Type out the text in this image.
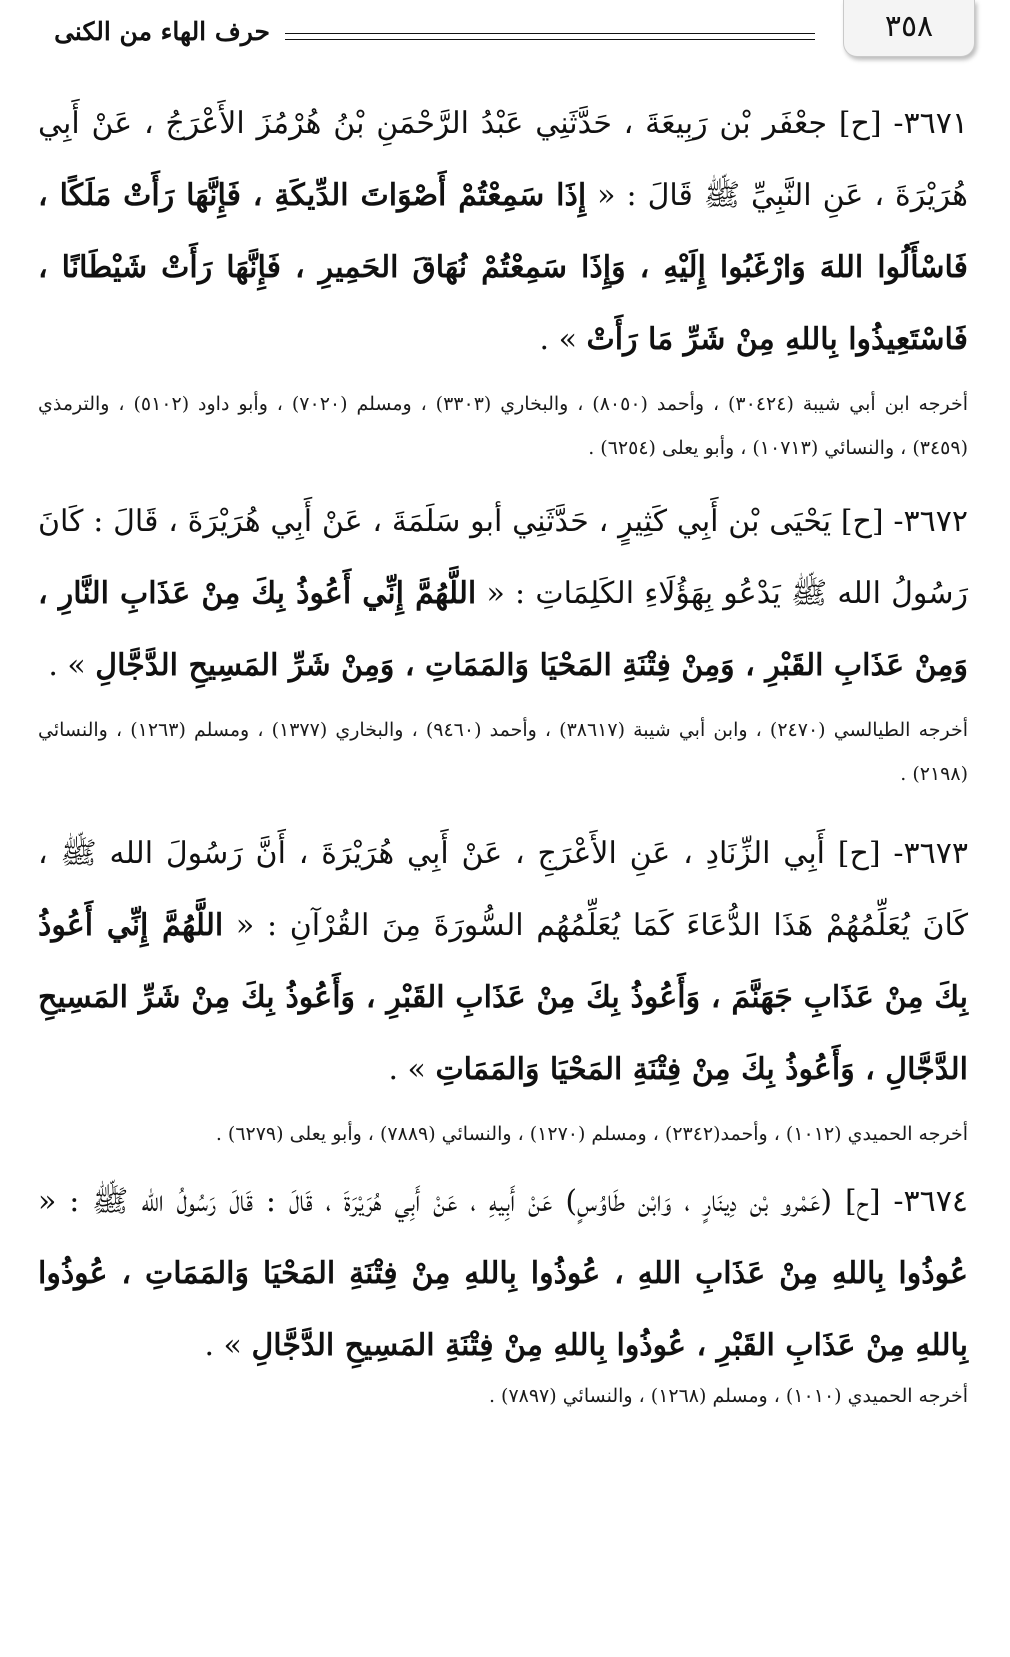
٣٥٨
حرف الهاء من الكنى

٣٦٧١- [ح] جعْفَر بْن رَبِيعَةَ ، حَدَّثَنِي عَبْدُ الرَّحْمَنِ بْنُ هُرْمُزَ الأَعْرَجُ ، عَنْ أَبِي هُرَيْرَةَ ، عَنِ النَّبِيِّ ﷺ قَالَ : « إِذَا سَمِعْتُمْ أَصْوَاتَ الدِّيكَةِ ، فَإِنَّهَا رَأَتْ مَلَكًا ، فَاسْأَلُوا اللهَ وَارْغَبُوا إِلَيْهِ ، وَإِذَا سَمِعْتُمْ نُهَاقَ الحَمِيرِ ، فَإِنَّهَا رَأَتْ شَيْطَانًا ، فَاسْتَعِيذُوا بِاللهِ مِنْ شَرِّ مَا رَأَتْ » .

أخرجه ابن أبي شيبة (٣٠٤٢٤) ، وأحمد (٨٠٥٠) ، والبخاري (٣٣٠٣) ، ومسلم (٧٠٢٠) ، وأبو داود (٥١٠٢) ، والترمذي (٣٤٥٩) ، والنسائي (١٠٧١٣) ، وأبو يعلى (٦٢٥٤) .

٣٦٧٢- [ح] يَحْيَى بْن أَبِي كَثِيرٍ ، حَدَّثَنِي أبو سَلَمَةَ ، عَنْ أَبِي هُرَيْرَةَ ، قَالَ : كَانَ رَسُولُ الله ﷺ يَدْعُو بِهَؤُلَاءِ الكَلِمَاتِ : « اللَّهُمَّ إِنِّي أَعُوذُ بِكَ مِنْ عَذَابِ النَّارِ ، وَمِنْ عَذَابِ القَبْرِ ، وَمِنْ فِتْنَةِ المَحْيَا وَالمَمَاتِ ، وَمِنْ شَرِّ المَسِيحِ الدَّجَّالِ » .

أخرجه الطيالسي (٢٤٧٠) ، وابن أبي شيبة (٣٨٦١٧) ، وأحمد (٩٤٦٠) ، والبخاري (١٣٧٧) ، ومسلم (١٢٦٣) ، والنسائي (٢١٩٨) .

٣٦٧٣- [ح] أَبِي الزِّنَادِ ، عَنِ الأَعْرَجِ ، عَنْ أَبِي هُرَيْرَةَ ، أَنَّ رَسُولَ الله ﷺ ، كَانَ يُعَلِّمُهُمْ هَذَا الدُّعَاءَ كَمَا يُعَلِّمُهُم السُّورَةَ مِنَ القُرْآنِ : « اللَّهُمَّ إِنِّي أَعُوذُ بِكَ مِنْ عَذَابِ جَهَنَّمَ ، وَأَعُوذُ بِكَ مِنْ عَذَابِ القَبْرِ ، وَأَعُوذُ بِكَ مِنْ شَرِّ المَسِيحِ الدَّجَّالِ ، وَأَعُوذُ بِكَ مِنْ فِتْنَةِ المَحْيَا وَالمَمَاتِ » .

أخرجه الحميدي (١٠١٢) ، وأحمد(٢٣٤٢) ، ومسلم (١٢٧٠) ، والنسائي (٧٨٨٩) ، وأبو يعلى (٦٢٧٩) .

٣٦٧٤- [ح] (عَمْرو بْن دِينَارٍ ، وَابْن طَاوُسٍ) عَنْ أَبِيهِ ، عَنْ أَبِي هُرَيْرَةَ ، قَالَ : قَالَ رَسُولُ الله ﷺ : « عُوذُوا بِاللهِ مِنْ عَذَابِ اللهِ ، عُوذُوا بِاللهِ مِنْ فِتْنَةِ المَحْيَا وَالمَمَاتِ ، عُوذُوا بِاللهِ مِنْ عَذَابِ القَبْرِ ، عُوذُوا بِاللهِ مِنْ فِتْنَةِ المَسِيحِ الدَّجَّالِ » .

أخرجه الحميدي (١٠١٠) ، ومسلم (١٢٦٨) ، والنسائي (٧٨٩٧) .
